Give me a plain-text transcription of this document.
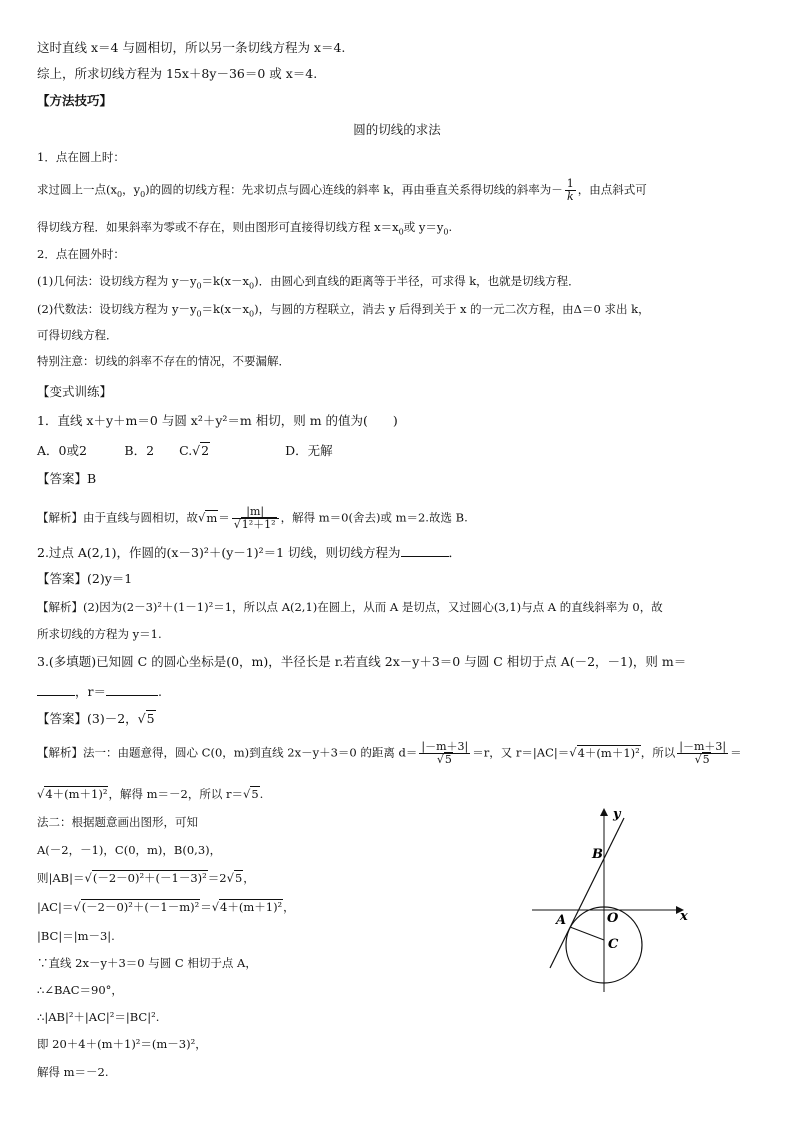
这时直线 x＝4 与圆相切，所以另一条切线方程为 x＝4.
综上，所求切线方程为 15x＋8y－36＝0 或 x＝4.
【方法技巧】
圆的切线的求法
1．点在圆上时：
求过圆上一点($x_0$，$y_0$)的圆的切线方程：先求切点与圆心连线的斜率 k，再由垂直关系得切线的斜率为－ $\frac{1}{k}$ ，由点斜式可
得切线方程．如果斜率为零或不存在，则由图形可直接得切线方程 $x=x_0$或 $y=y_0$.
2．点在圆外时：
(1)几何法：设切线方程为 $y-y_0=k(x-x_0)$．由圆心到直线的距离等于半径，可求得 k，也就是切线方程．
(2)代数法：设切线方程为 $y-y_0=k(x-x_0)$，与圆的方程联立，消去 y 后得到关于 x 的一元二次方程，由Δ＝0 求出 k，
可得切线方程．
特别注意：切线的斜率不存在的情况，不要漏解．
【变式训练】
1．直线 x＋y＋m＝0 与圆 x²＋y²＝m 相切，则 m 的值为(　　)
A．0或2　　　B．2　　C.√2　　　　　　D．无解
【答案】B
【解析】由于直线与圆相切，故$√m= \frac{|m|}{\text{√1²＋1²}}$ ，解得 m＝0(舍去)或 m＝2.故选 B.
2.过点 A(2,1)，作圆的(x－3)²＋(y－1)²＝1 切线，则切线方程为	．
【答案】(2)y＝1
【解析】(2)因为(2－3)²＋(1－1)²＝1，所以点 A(2,1)在圆上，从而 A 是切点，又过圆心(3,1)与点 A 的直线斜率为 0，故
所求切线的方程为 y＝1.
3.(多填题)已知圆 C 的圆心坐标是(0，m)，半径长是 r.若直线 2x－y＋3＝0 与圆 C 相切于点 A(－2，－1)，则 m＝
，r＝	.
【答案】(3)－2，√5
【解析】法一：由题意得，圆心 C(0，m)到直线 2x－y＋3＝0 的距离 $d= \frac{|-m+3|}{√5} =r$，又 r＝|AC|＝√4＋(m＋1)²，所以 $\frac{|-m+3|}{√5}$ ＝
√4＋(m＋1)²，解得 m＝－2，所以 r＝√5.
法二：根据题意画出图形，可知
A(－2，－1)，C(0，m)，B(0,3)，
则|AB|＝√(－2－0)²＋(－1－3)²＝2√5，
|AC|＝√(－2－0)²＋(－1－m)²＝√4＋(m＋1)²，
|BC|＝|m－3|.
∵直线 2x－y＋3＝0 与圆 C 相切于点 A，
∴∠BAC＝90°，
∴|AB|²＋|AC|²＝|BC|².
即 20＋4＋(m＋1)²＝(m－3)²，
解得 m＝－2.
y
x
B
O
A
C
